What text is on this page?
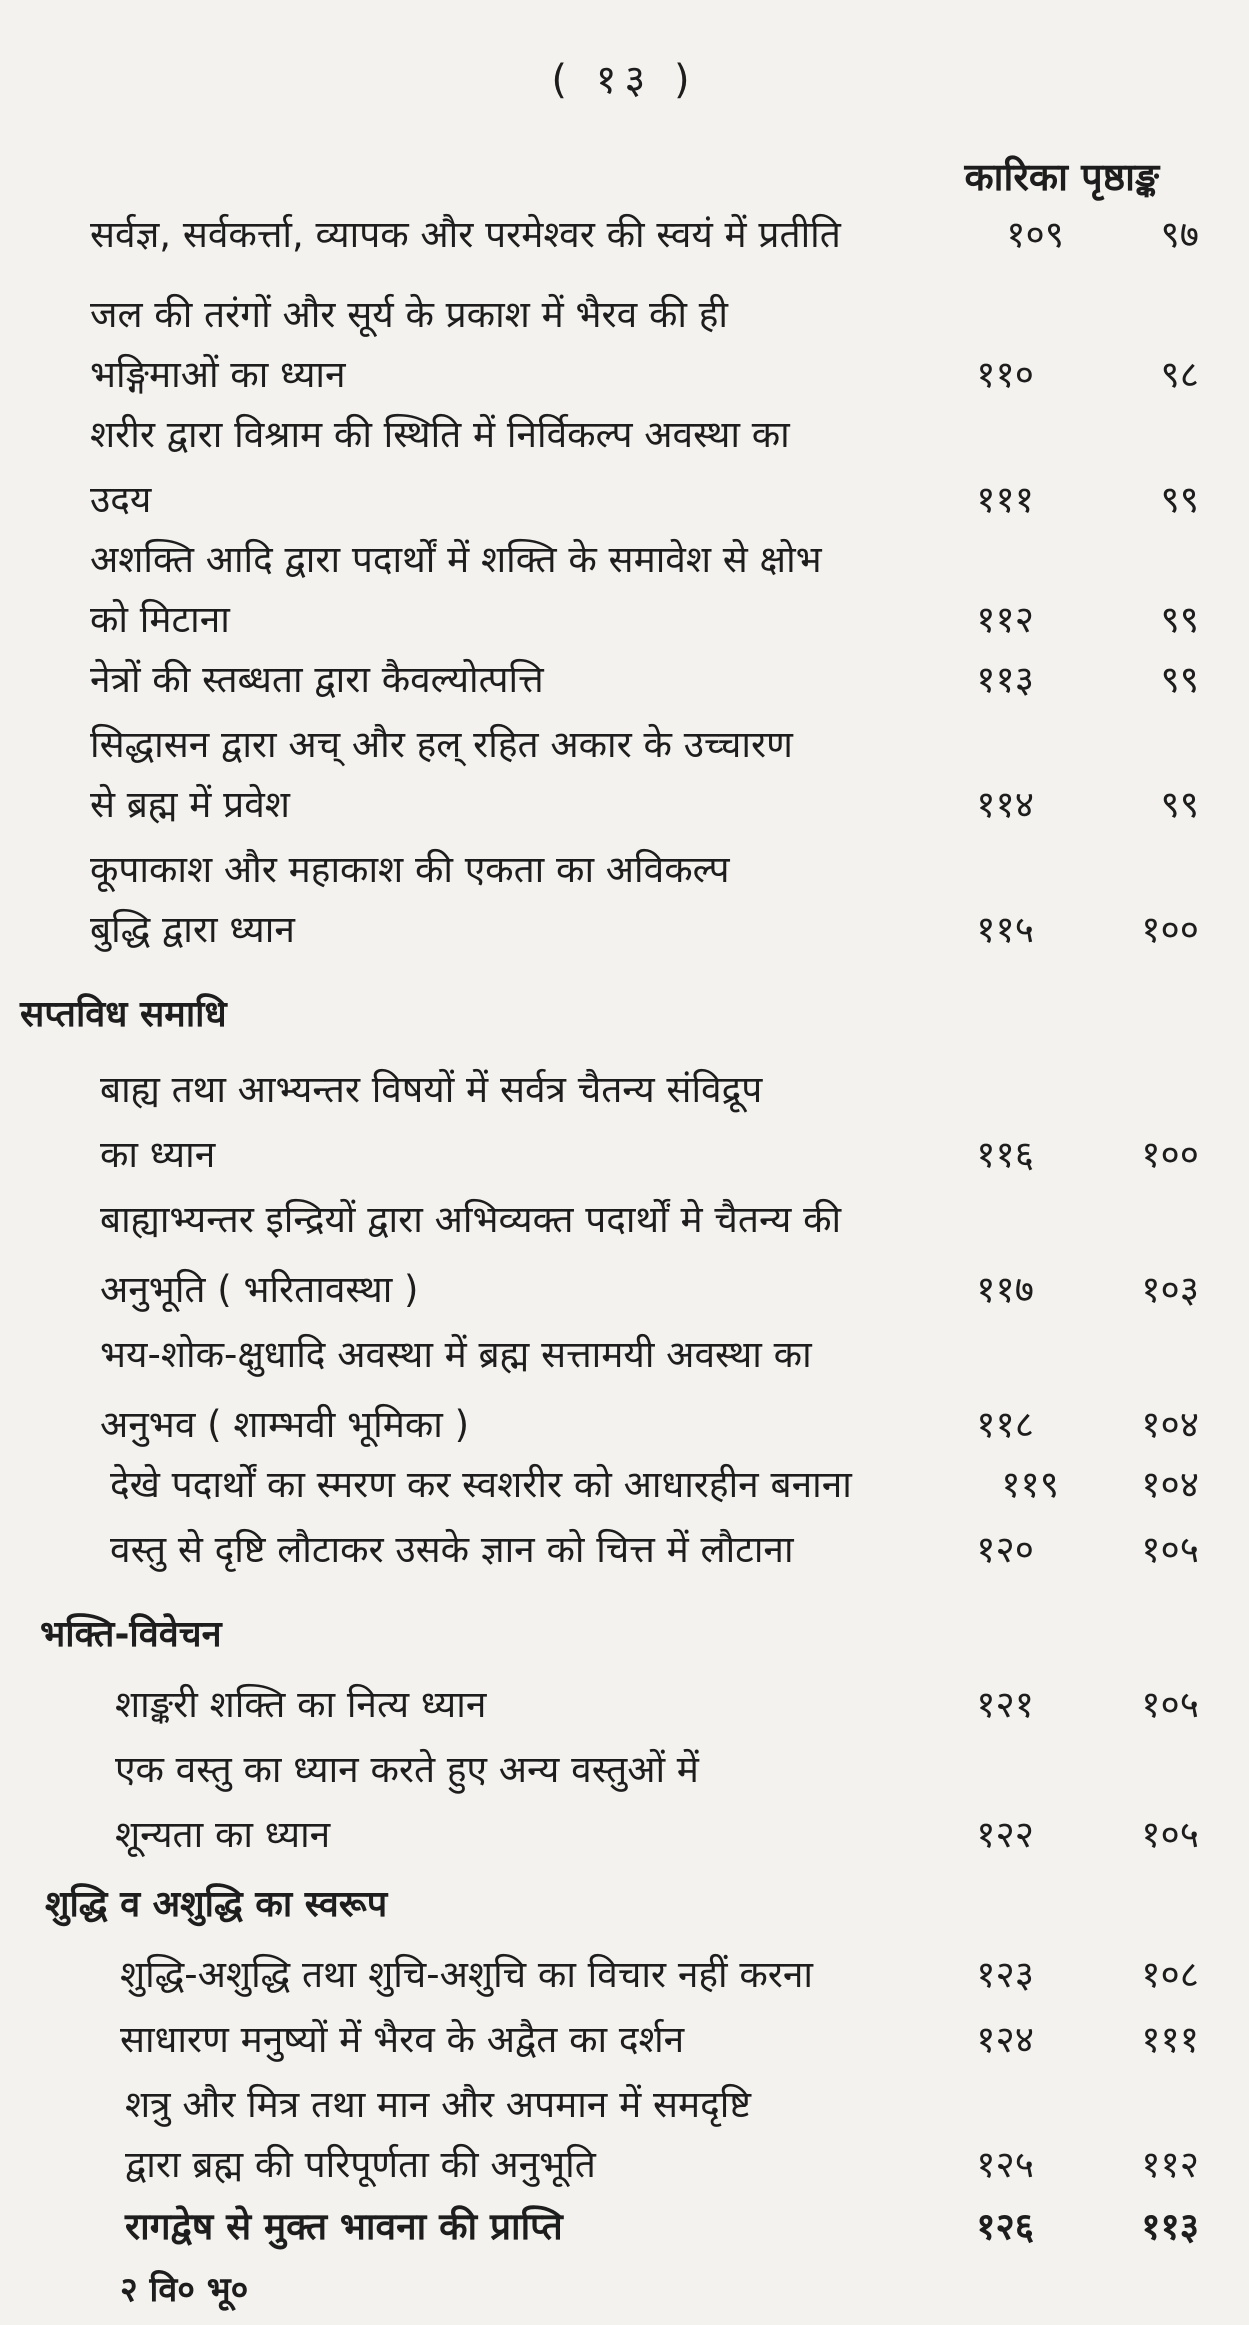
( १३ )
कारिका पृष्ठाङ्क
सर्वज्ञ, सर्वकर्त्ता, व्यापक और परमेश्वर की स्वयं में प्रतीति	१०९	९७
जल की तरंगों और सूर्य के प्रकाश में भैरव की ही
भङ्गिमाओं का ध्यान	११०	९८
शरीर द्वारा विश्राम की स्थिति में निर्विकल्प अवस्था का
उदय	१११	९९
अशक्ति आदि द्वारा पदार्थों में शक्ति के समावेश से क्षोभ
को मिटाना	११२	९९
नेत्रों की स्तब्धता द्वारा कैवल्योत्पत्ति	११३	९९
सिद्धासन द्वारा अच् और हल् रहित अकार के उच्चारण
से ब्रह्म में प्रवेश	११४	९९
कूपाकाश और महाकाश की एकता का अविकल्प
बुद्धि द्वारा ध्यान	११५	१००
सप्तविध समाधि
बाह्य तथा आभ्यन्तर विषयों में सर्वत्र चैतन्य संविद्रूप
का ध्यान	११६	१००
बाह्याभ्यन्तर इन्द्रियों द्वारा अभिव्यक्त पदार्थों मे चैतन्य की
अनुभूति ( भरितावस्था )	११७	१०३
भय-शोक-क्षुधादि अवस्था में ब्रह्म सत्तामयी अवस्था का
अनुभव ( शाम्भवी भूमिका )	११८	१०४
देखे पदार्थों का स्मरण कर स्वशरीर को आधारहीन बनाना	११९ १०४
वस्तु से दृष्टि लौटाकर उसके ज्ञान को चित्त में लौटाना	१२०	१०५
भक्ति-विवेचन
शाङ्करी शक्ति का नित्य ध्यान	१२१	१०५
एक वस्तु का ध्यान करते हुए अन्य वस्तुओं में
शून्यता का ध्यान	१२२	१०५
शुद्धि व अशुद्धि का स्वरूप
शुद्धि-अशुद्धि तथा शुचि-अशुचि का विचार नहीं करना	१२३	१०८
साधारण मनुष्यों में भैरव के अद्वैत का दर्शन	१२४	१११
शत्रु और मित्र तथा मान और अपमान में समदृष्टि
द्वारा ब्रह्म की परिपूर्णता की अनुभूति	१२५	११२
रागद्वेष से मुक्त भावना की प्राप्ति	१२६	११३
२ वि० भू०
